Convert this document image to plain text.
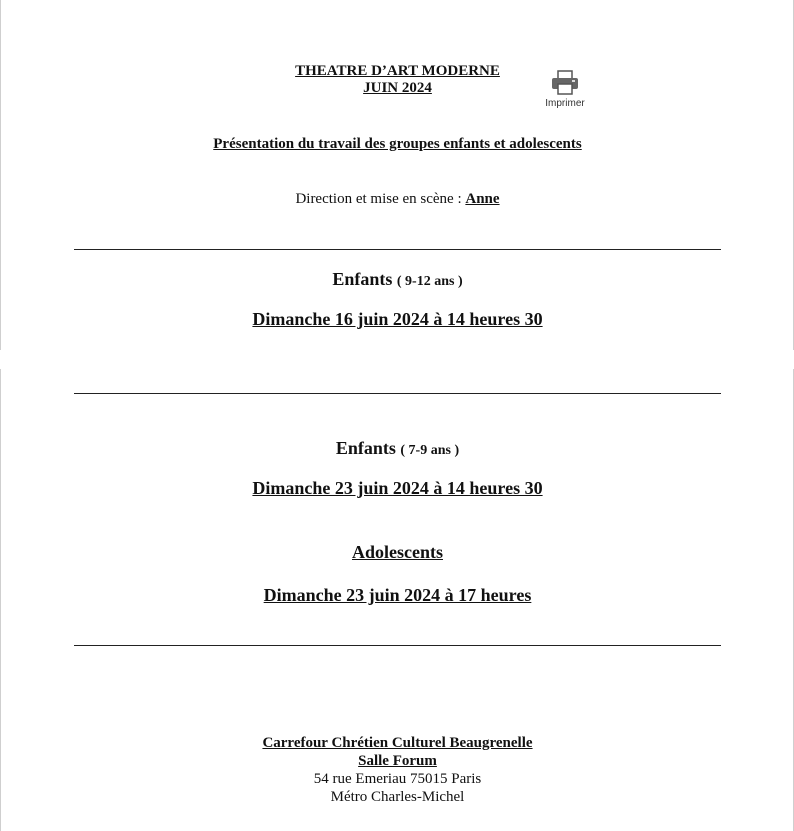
THEATRE D’ART MODERNE
JUIN 2024
Imprimer
Présentation du travail des groupes enfants et adolescents
Direction et mise en scène : Anne
Enfants ( 9-12 ans )
Dimanche 16 juin 2024 à 14 heures 30
Enfants ( 7-9 ans )
Dimanche 23 juin 2024 à 14 heures 30
Adolescents
Dimanche 23 juin 2024 à 17 heures
Carrefour Chrétien Culturel Beaugrenelle
Salle Forum
54 rue Emeriau 75015 Paris
Métro Charles-Michel
